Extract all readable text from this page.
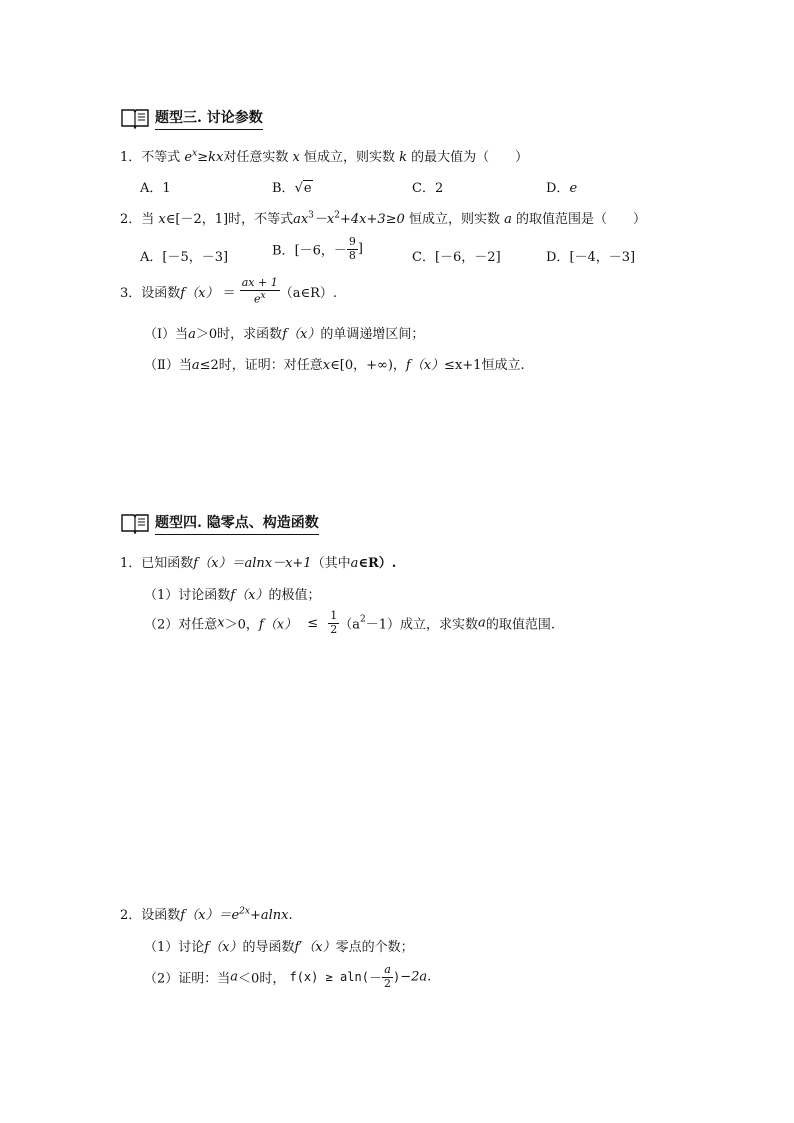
题型三. 讨论参数
1．不等式 $e^x\ge kx$对任意实数 x 恒成立，则实数 k 的最大值为（　　）
A．1	B．√e	C．2	D．e
2．当 x∈[－2，1]时，不等式$ax^3-x^2+4x+3\ge 0$ 恒成立，则实数 a 的取值范围是（　　）
A．[－5，－3]	B．[－6，－ $\frac{9}{8}$ ]
C．[－6，－2]	D．[－4，－3]
3．设函数$f(x) = \frac{ax + 1}{e^x}$ （a∈R）.
（Ⅰ）当a＞0时，求函数f（x）的单调递增区间；
（Ⅱ）当a≤2时，证明：对任意x∈[0，+∞)，f（x）≤x+1恒成立.
题型四. 隐零点、构造函数
1．已知函数f（x）＝alnx－x+1（其中a∈R）.
（1）讨论函数f（x）的极值；
（2）对任意x＞0，$f(x) \le \frac{1}{2} (a^2-1)$成立，求实数a的取值范围.
2．设函数$f(x)=e^{2x}+alnx$.
（1）讨论f（x）的导函数f′（x）零点的个数；
（2）证明：当a＜0时， $f(x) \ge aln(- \frac{a}{2} )-2a$.
